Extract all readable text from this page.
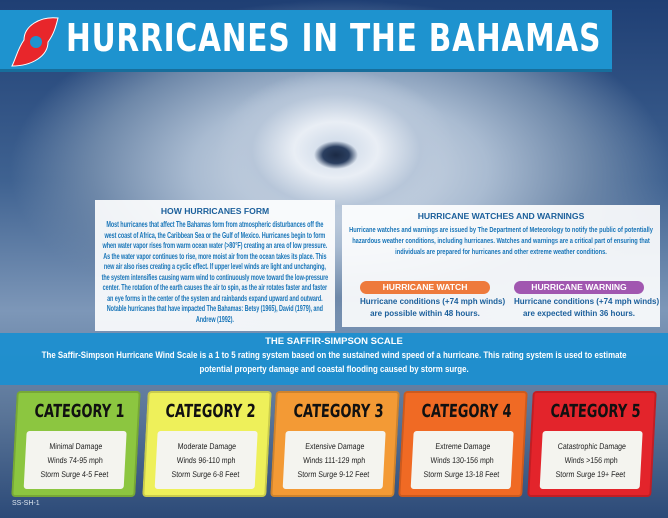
HURRICANES IN THE BAHAMAS
HOW HURRICANES FORM

Most hurricanes that affect The Bahamas form from atmospheric disturbances off the west coast of Africa, the Caribbean Sea or the Gulf of Mexico. Hurricanes begin to form when water vapor rises from warm ocean water (>80°F) creating an area of low pressure. As the water vapor continues to rise, more moist air from the ocean takes its place. This new air also rises creating a cyclic effect. If upper level winds are light and unchanging, the system intensifies causing warm wind to continuously move toward the low-pressure center. The rotation of the earth causes the air to spin, as the air rotates faster and faster an eye forms in the center of the system and rainbands expand upward and outward. Notable hurricanes that have impacted The Bahamas: Betsy (1965), David (1979), and Andrew (1992).

HURRICANE WATCHES AND WARNINGS

Hurricane watches and warnings are issued by The Department of Meteorology to notify the public of potentially hazardous weather conditions, including hurricanes. Watches and warnings are a critical part of ensuring that individuals are prepared for hurricanes and other extreme weather conditions.

HURRICANE WATCH

Hurricane conditions (+74 mph winds)

are possible within 48 hours.

HURRICANE WARNING

Hurricane conditions (+74 mph winds)

are expected within 36 hours.

THE SAFFIR-SIMPSON SCALE

The Saffir-Simpson Hurricane Wind Scale is a 1 to 5 rating system based on the sustained wind speed of a hurricane. This rating system is used to estimate potential property damage and coastal flooding caused by storm surge.

CATEGORY 1
Minimal Damage
Winds 74-95 mph
Storm Surge 4-5 Feet
CATEGORY 2
Moderate Damage
Winds 96-110 mph
Storm Surge 6-8 Feet
CATEGORY 3
Extensive Damage
Winds 111-129 mph
Storm Surge 9-12 Feet
CATEGORY 4
Extreme Damage
Winds 130-156 mph
Storm Surge 13-18 Feet
CATEGORY 5
Catastrophic Damage
Winds >156 mph
Storm Surge 19+ Feet
SS-SH-1
